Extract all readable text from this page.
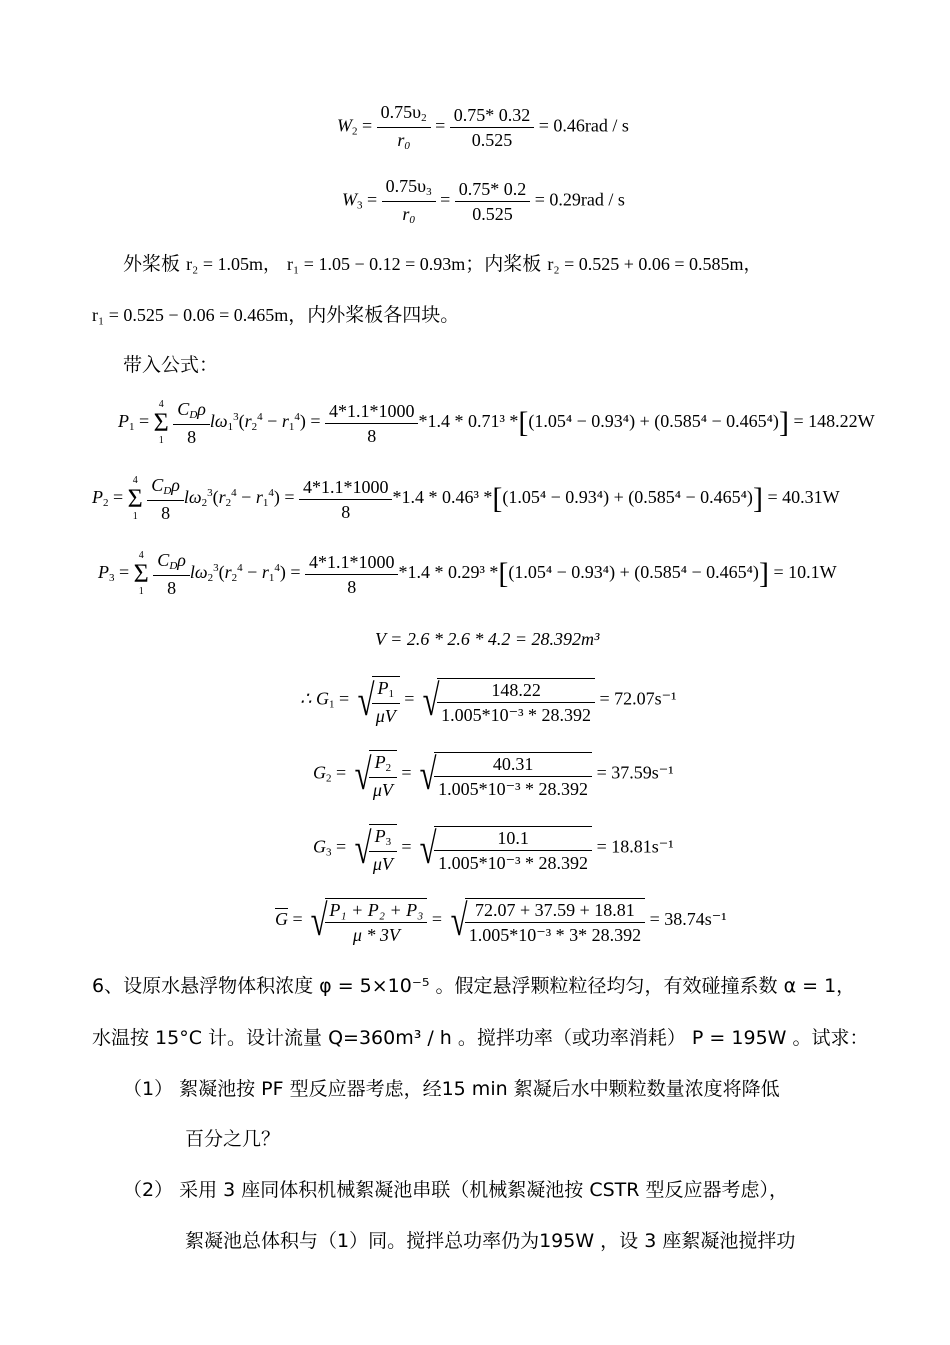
$W_2 = \frac{0.75\upsilon_2}{r_0} = \frac{0.75* 0.32}{0.525} = 0.46rad / s$
$W_3 = \frac{0.75\upsilon_3}{r_0} = \frac{0.75* 0.2}{0.525} = 0.29rad / s$
外桨板 r₂ = 1.05m， r₁ = 1.05 − 0.12 = 0.93m；内桨板 r₂ = 0.525 + 0.06 = 0.585m，
r₁ = 0.525 − 0.06 = 0.465m，内外桨板各四块。
带入公式：
$P_1 = 4$
Σ
1
$C_D\rho$
8
$l\omega_1^3(r_2^4 - r_1^4) = \frac{4*1.1*1000}{8} *1.4 * 0.71^3$ *[(1.05⁴ − 0.93⁴) + (0.585⁴ − 0.465⁴)] = 148.22W
$P_2 = 4$
Σ
1
$C_D\rho$
8
$l\omega_2^3(r_2^4 - r_1^4) = \frac{4*1.1*1000}{8} *1.4 * 0.46^3$ *[(1.05⁴ − 0.93⁴) + (0.585⁴ − 0.465⁴)] = 40.31W
$P_3 = 4$
Σ
1
$C_D\rho$
8
$l\omega_2^3(r_2^4 - r_1^4) = \frac{4*1.1*1000}{8} *1.4 * 0.29^3$ *[(1.05⁴ − 0.93⁴) + (0.585⁴ − 0.465⁴)] = 10.1W
V = 2.6 * 2.6 * 4.2 = 28.392m³
∴ $G_1$ = √
$\frac{P_1}{\mu V}$ = √
$\frac{148.22}{\text{1.005*10⁻³ * 28.392}} = 72.07s^{-1}$
$G_2$ = √
$\frac{P_2}{\mu V}$ = √
$\frac{40.31}{\text{1.005*10⁻³ * 28.392}} = 37.59s^{-1}$
$G_3$ = √
$\frac{P_3}{\mu V}$ = √
$\frac{10.1}{\text{1.005*10⁻³ * 28.392}} = 18.81s^{-1}$
$\overline{G}$ = √
$\frac{\text{P₁ + P₂ + P₃}}{\mu * 3V}$ = √
$\frac{72.07 + 37.59 + 18.81}{\text{1.005*10⁻³ * 3* 28.392}} = 38.74s^{-1}$
6、设原水悬浮物体积浓度 φ = 5×10⁻⁵ 。假定悬浮颗粒粒径均匀，有效碰撞系数 α = 1，
水温按 15°C 计。设计流量 Q=360m³ / h 。搅拌功率（或功率消耗） P = 195W 。试求：
（1） 絮凝池按 PF 型反应器考虑，经15 min 絮凝后水中颗粒数量浓度将降低
百分之几？
（2） 采用 3 座同体积机械絮凝池串联（机械絮凝池按 CSTR 型反应器考虑），
絮凝池总体积与（1）同。搅拌总功率仍为195W ，设 3 座絮凝池搅拌功
